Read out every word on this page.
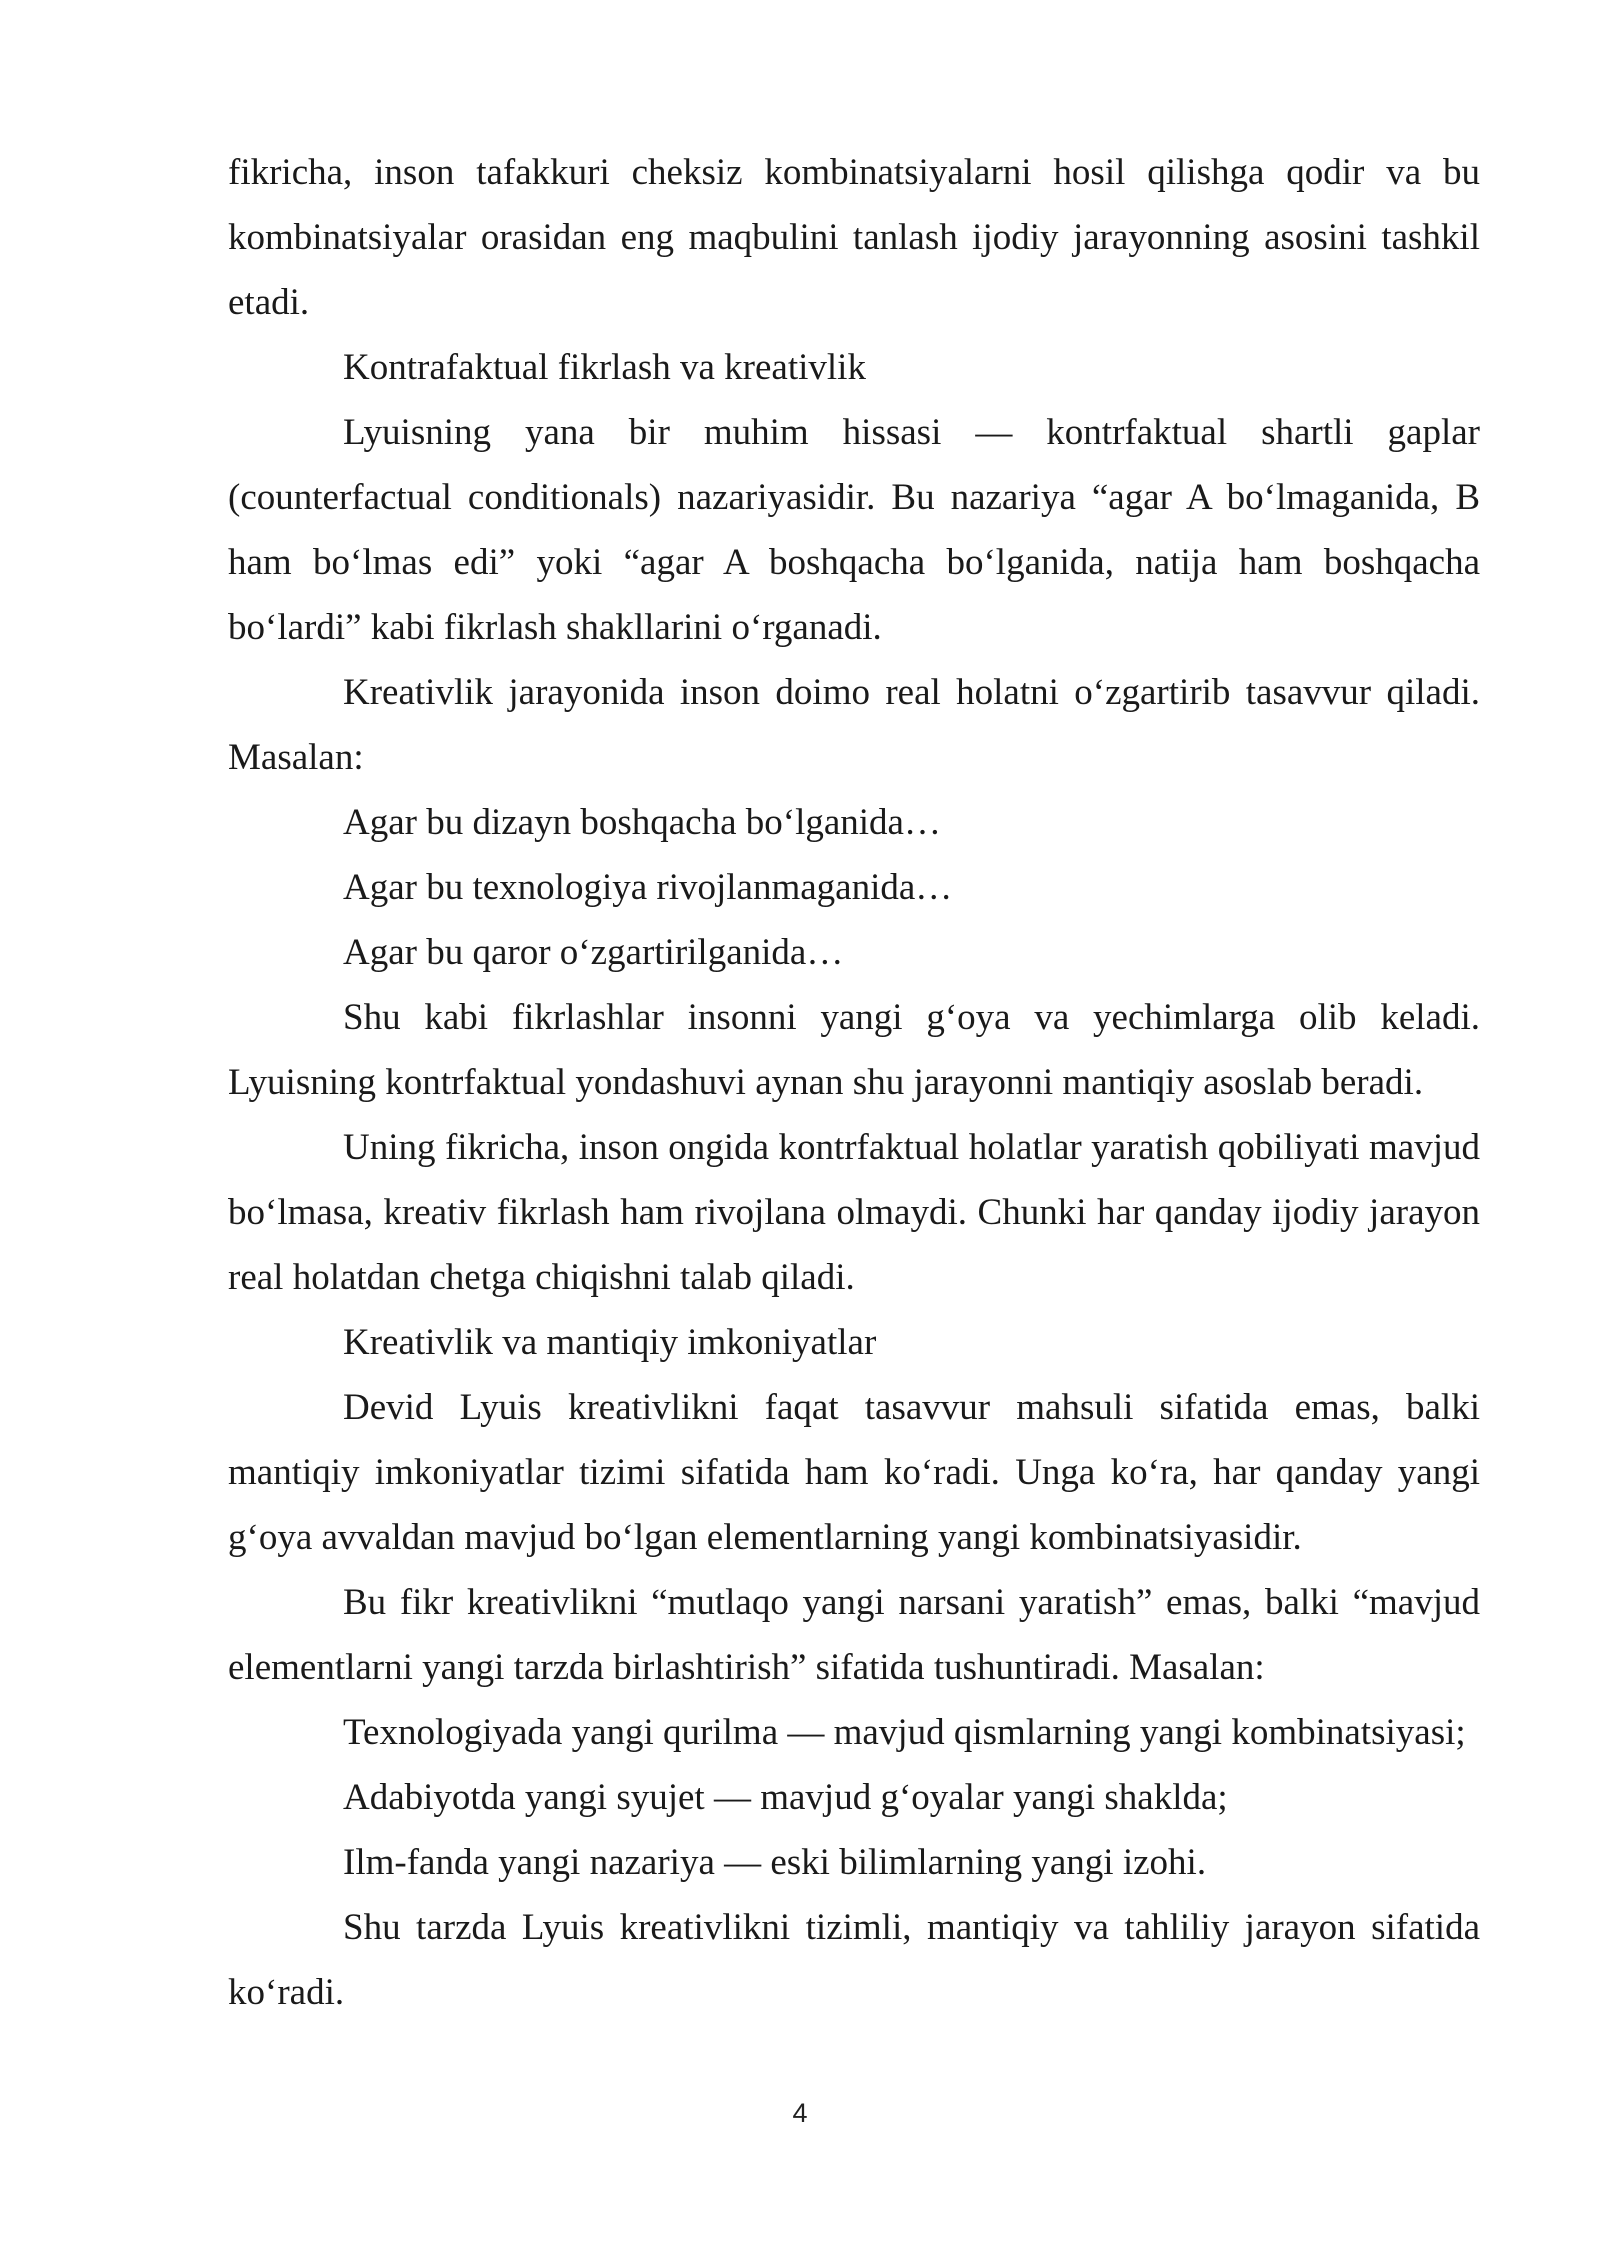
fikricha, inson tafakkuri cheksiz kombinatsiyalarni hosil qilishga qodir va bu kombinatsiyalar orasidan eng maqbulini tanlash ijodiy jarayonning asosini tashkil etadi.

Kontrafaktual fikrlash va kreativlik

Lyuisning yana bir muhim hissasi — kontrfaktual shartli gaplar (counterfactual conditionals) nazariyasidir. Bu nazariya “agar A bo‘lmaganida, B ham bo‘lmas edi” yoki “agar A boshqacha bo‘lganida, natija ham boshqacha bo‘lardi” kabi fikrlash shakllarini o‘rganadi.

Kreativlik jarayonida inson doimo real holatni o‘zgartirib tasavvur qiladi. Masalan:

Agar bu dizayn boshqacha bo‘lganida…

Agar bu texnologiya rivojlanmaganida…

Agar bu qaror o‘zgartirilganida…

Shu kabi fikrlashlar insonni yangi g‘oya va yechimlarga olib keladi. Lyuisning kontrfaktual yondashuvi aynan shu jarayonni mantiqiy asoslab beradi.

Uning fikricha, inson ongida kontrfaktual holatlar yaratish qobiliyati mavjud bo‘lmasa, kreativ fikrlash ham rivojlana olmaydi. Chunki har qanday ijodiy jarayon real holatdan chetga chiqishni talab qiladi.

Kreativlik va mantiqiy imkoniyatlar

Devid Lyuis kreativlikni faqat tasavvur mahsuli sifatida emas, balki mantiqiy imkoniyatlar tizimi sifatida ham ko‘radi. Unga ko‘ra, har qanday yangi g‘oya avvaldan mavjud bo‘lgan elementlarning yangi kombinatsiyasidir.

Bu fikr kreativlikni “mutlaqo yangi narsani yaratish” emas, balki “mavjud elementlarni yangi tarzda birlashtirish” sifatida tushuntiradi. Masalan:

Texnologiyada yangi qurilma — mavjud qismlarning yangi kombinatsiyasi;

Adabiyotda yangi syujet — mavjud g‘oyalar yangi shaklda;

Ilm-fanda yangi nazariya — eski bilimlarning yangi izohi.

Shu tarzda Lyuis kreativlikni tizimli, mantiqiy va tahliliy jarayon sifatida ko‘radi.

4
